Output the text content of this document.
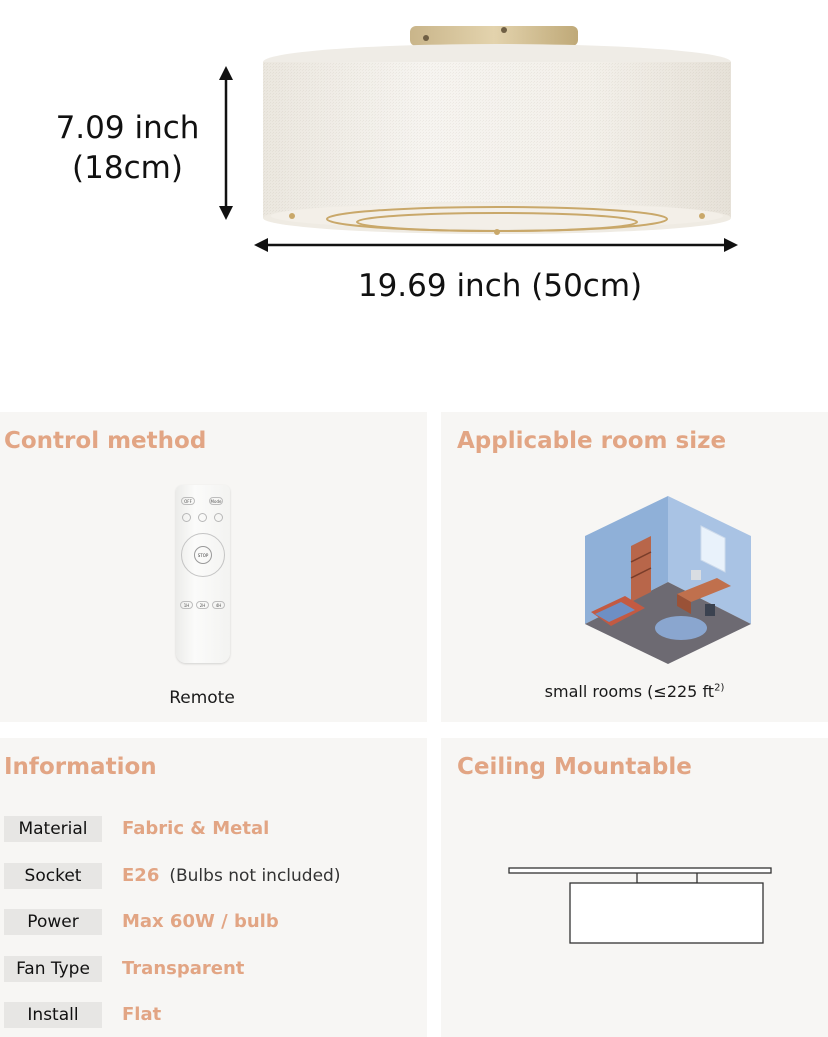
7.09 inch
(18cm)
19.69 inch (50cm)
Control method
OFF	Mode
STOP
1H	2H	4H
Remote
Applicable room size
small rooms (≤225 $ft^{2)}$
Information
Material	Fabric & Metal
Socket	E26 (Bulbs not included)
Power	Max 60W / bulb
Fan Type	Transparent
Install	Flat
Ceiling Mountable
